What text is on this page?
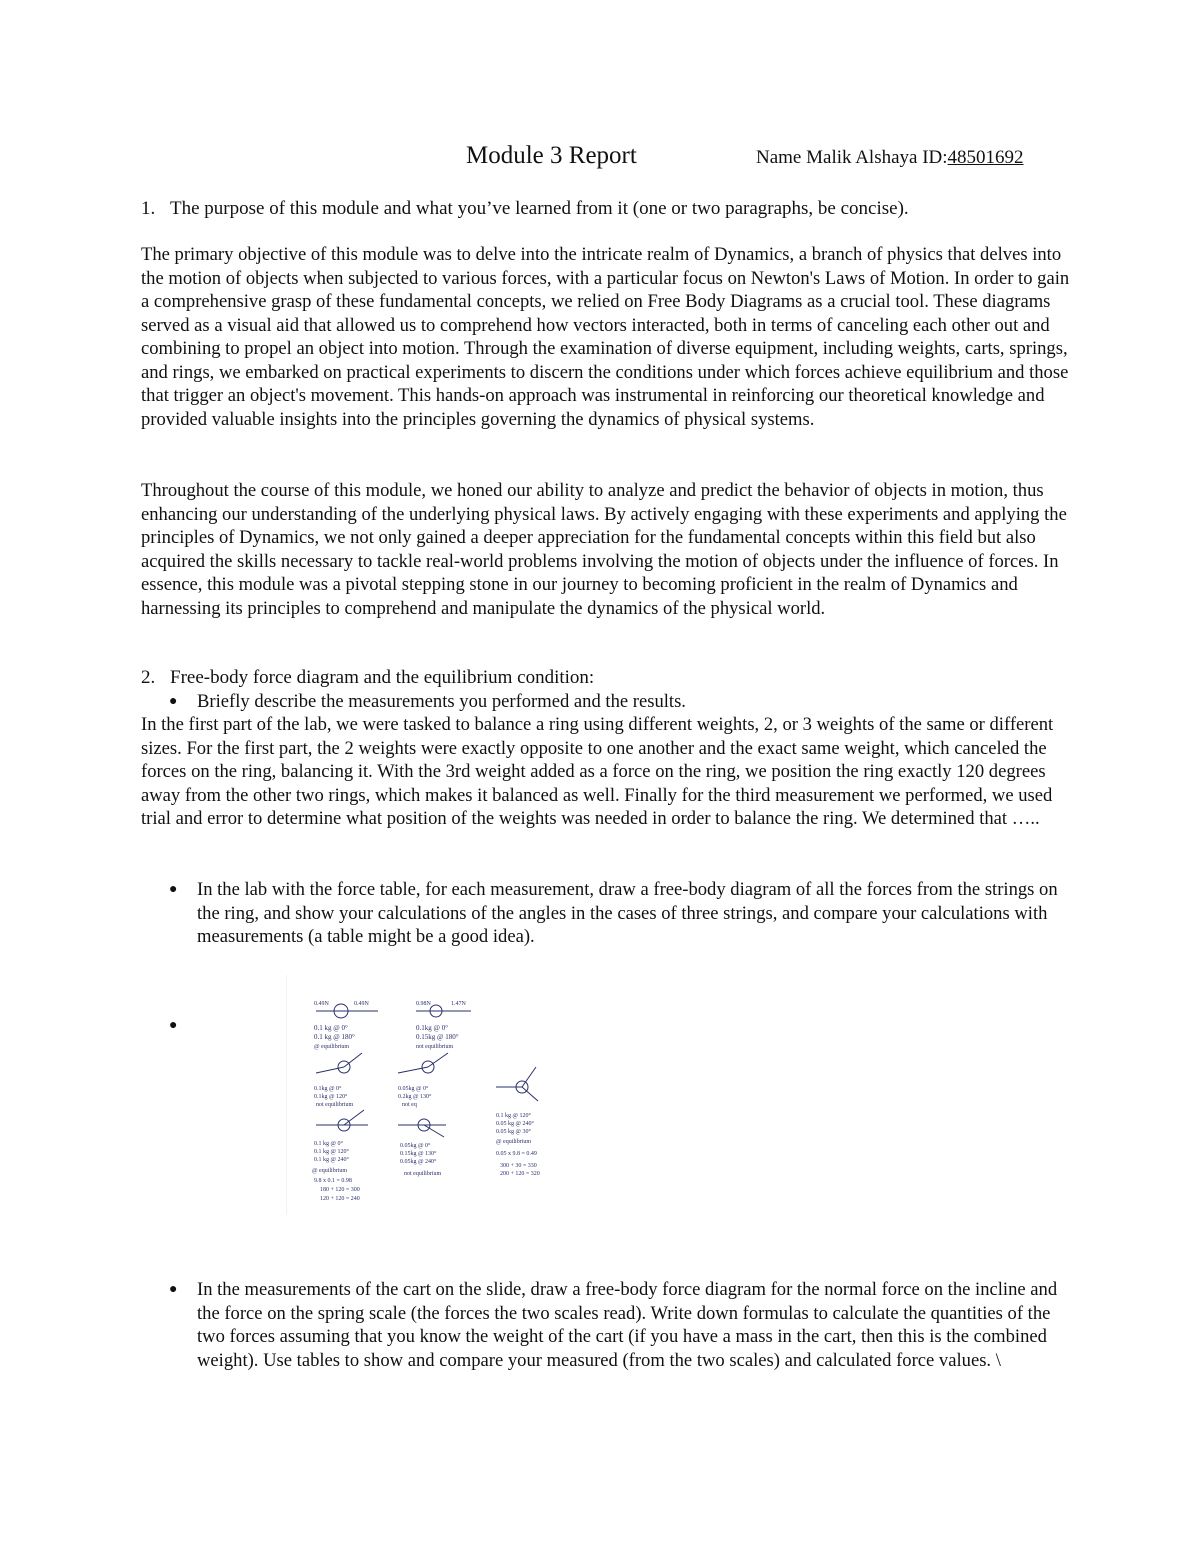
Module 3 Report	Name Malik Alshaya ID:48501692
1. The purpose of this module and what you’ve learned from it (one or two paragraphs, be concise).

The primary objective of this module was to delve into the intricate realm of Dynamics, a branch of physics that delves into the motion of objects when subjected to various forces, with a particular focus on Newton's Laws of Motion. In order to gain a comprehensive grasp of these fundamental concepts, we relied on Free Body Diagrams as a crucial tool. These diagrams served as a visual aid that allowed us to comprehend how vectors interacted, both in terms of canceling each other out and combining to propel an object into motion. Through the examination of diverse equipment, including weights, carts, springs, and rings, we embarked on practical experiments to discern the conditions under which forces achieve equilibrium and those that trigger an object's movement. This hands-on approach was instrumental in reinforcing our theoretical knowledge and provided valuable insights into the principles governing the dynamics of physical systems.

Throughout the course of this module, we honed our ability to analyze and predict the behavior of objects in motion, thus enhancing our understanding of the underlying physical laws. By actively engaging with these experiments and applying the principles of Dynamics, we not only gained a deeper appreciation for the fundamental concepts within this field but also acquired the skills necessary to tackle real-world problems involving the motion of objects under the influence of forces. In essence, this module was a pivotal stepping stone in our journey to becoming proficient in the realm of Dynamics and harnessing its principles to comprehend and manipulate the dynamics of the physical world.

2. Free-body force diagram and the equilibrium condition:
● Briefly describe the measurements you performed and the results.

In the first part of the lab, we were tasked to balance a ring using different weights, 2, or 3 weights of the same or different sizes. For the first part, the 2 weights were exactly opposite to one another and the exact same weight, which canceled the forces on the ring, balancing it. With the 3rd weight added as a force on the ring, we position the ring exactly 120 degrees away from the other two rings, which makes it balanced as well. Finally for the third measurement we performed, we used trial and error to determine what position of the weights was needed in order to balance the ring. We determined that …..

● In the lab with the force table, for each measurement, draw a free-body diagram of all the forces from the strings on the ring, and show your calculations of the angles in the cases of three strings, and compare your calculations with measurements (a table might be a good idea).
●
0.49N	0.49N
0.1 kg @ 0°
0.1 kg @ 180°
@ equilibrium
0.1kg @ 0°
0.1kg @ 120°
not equilibrium
0.1 kg @ 0°
0.1 kg @ 120°
0.1 kg @ 240°
@ equilibrium
9.8 x 0.1 = 0.98
180 + 120 = 300
120 + 120 = 240
0.98N	1.47N
0.1kg @ 0°
0.15kg @ 180°
not equilibrium
0.05kg @ 0°
0.2kg @ 130°
not eq
0.05kg @ 0°
0.15kg @ 130°
0.05kg @ 240°
not equilibrium
0.1 kg @ 120°
0.05 kg @ 240°
0.05 kg @ 30°
@ equilibrium
0.05 x 9.8 = 0.49
300 + 30 = 330
200 + 120 = 320
● In the measurements of the cart on the slide, draw a free-body force diagram for the normal force on the incline and the force on the spring scale (the forces the two scales read). Write down formulas to calculate the quantities of the two forces assuming that you know the weight of the cart (if you have a mass in the cart, then this is the combined weight). Use tables to show and compare your measured (from the two scales) and calculated force values. \
